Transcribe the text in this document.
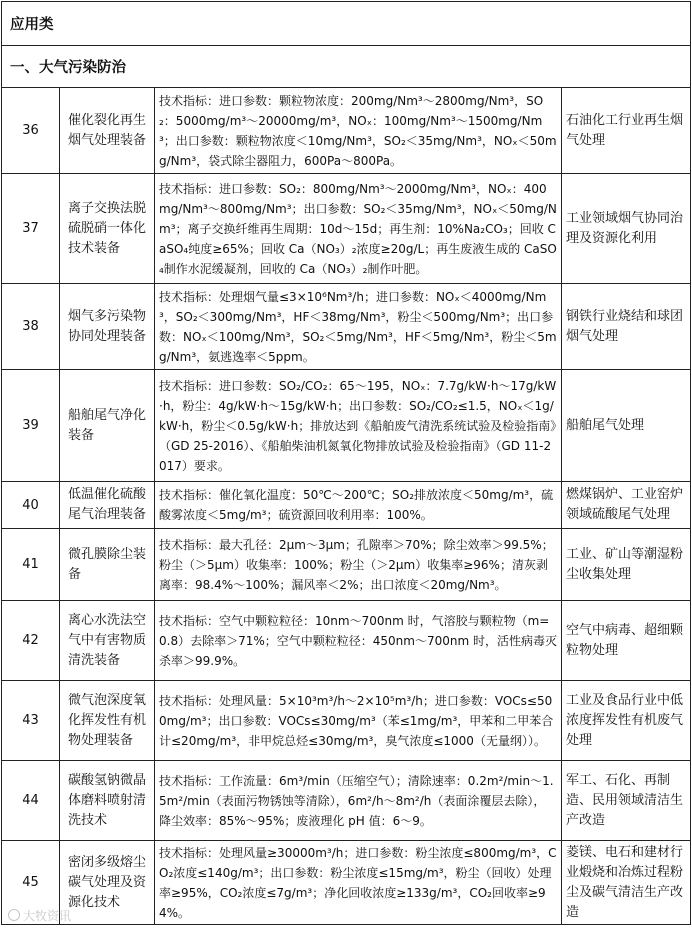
应用类			
一、大气污染防治			
36	催化裂化再生烟气处理装备	技术指标：进口参数：颗粒物浓度：200mg/Nm³～2800mg/Nm³，SO₂：5000mg/m³～20000mg/m³，NOₓ：100mg/Nm³～1500mg/Nm³；出口参数：颗粒物浓度＜10mg/Nm³，SO₂＜35mg/Nm³，NOₓ＜50mg/Nm³，袋式除尘器阻力，600Pa～800Pa。	石油化工行业再生烟气处理
37	离子交换法脱硫脱硝一体化技术装备	技术指标：进口参数：SO₂：800mg/Nm³～2000mg/Nm³，NOₓ：400mg/Nm³～800mg/Nm³；出口参数：SO₂＜35mg/Nm³，NOₓ＜50mg/Nm³；离子交换纤维再生周期：10d～15d；再生剂：10%Na₂CO₃；回收 CaSO₄纯度≥65%；回收 Ca（NO₃）₂浓度≥20g/L；再生废液生成的 CaSO₄制作水泥缓凝剂，回收的 Ca（NO₃）₂制作叶肥。	工业领域烟气协同治理及资源化利用
38	烟气多污染物协同处理装备	技术指标：处理烟气量≤3×10⁶Nm³/h；进口参数：NOₓ＜4000mg/Nm³，SO₂＜300mg/Nm³，HF＜38mg/Nm³，粉尘＜500mg/Nm³；出口参数：NOₓ＜100mg/Nm³，SO₂＜5mg/Nm³，HF＜5mg/Nm³，粉尘＜5mg/Nm³，氨逃逸率＜5ppm。	钢铁行业烧结和球团烟气处理
39	船舶尾气净化装备	技术指标：进口参数：SO₂/CO₂：65～195，NOₓ：7.7g/kW·h～17g/kW·h，粉尘：4g/kW·h～15g/kW·h；出口参数：SO₂/CO₂≤1.5，NOₓ＜1g/kW·h，粉尘＜0.5g/kW·h；排放达到《船舶废气清洗系统试验及检验指南》（GD 25-2016）、《船舶柴油机氮氧化物排放试验及检验指南》（GD 11-2017）要求。	船舶尾气处理
40	低温催化硫酸尾气治理装备	技术指标：催化氧化温度：50℃～200℃；SO₂排放浓度＜50mg/m³，硫酸雾浓度＜5mg/m³；硫资源回收利用率：100%。	燃煤锅炉、工业窑炉领域硫酸尾气处理
41	微孔膜除尘装备	技术指标：最大孔径：2μm～3μm；孔隙率＞70%；除尘效率＞99.5%；粉尘（＞5μm）收集率：100%；粉尘（＞2μm）收集率≥96%；清灰剥离率：98.4%～100%；漏风率＜2%；出口浓度＜20mg/Nm³。	工业、矿山等潮湿粉尘收集处理
42	离心水洗法空气中有害物质清洗装备	技术指标：空气中颗粒粒径：10nm～700nm 时，气溶胶与颗粒物（m=0.8）去除率＞71%；空气中颗粒粒径：450nm～700nm 时，活性病毒灭杀率＞99.9%。	空气中病毒、超细颗粒物处理
43	微气泡深度氧化挥发性有机物处理装备	技术指标：处理风量：5×10³m³/h～2×10⁵m³/h；进口参数：VOCs≤500mg/m³；出口参数：VOCs≤30mg/m³（苯≤1mg/m³，甲苯和二甲苯合计≤20mg/m³，非甲烷总烃≤30mg/m³，臭气浓度≤1000（无量纲））。	工业及食品行业中低浓度挥发性有机废气处理
44	碳酸氢钠微晶体磨料喷射清洗技术	技术指标：工作流量：6m³/min（压缩空气）；清除速率：0.2m²/min～1.5m²/min（表面污物锈蚀等清除），6m²/h～8m²/h（表面涂覆层去除），降尘效率：85%～95%；废液理化 pH 值：6～9。	军工、石化、再制造、民用领域清洁生产改造
45	密闭多级熔尘碳气处理及资源化技术	技术指标：处理风量≥30000m³/h；进口参数：粉尘浓度≤800mg/m³，CO₂浓度≤140g/m³；出口参数：粉尘浓度≤15mg/m³，粉尘（回收）处理率≥95%，CO₂浓度≤7g/m³；净化回收浓度≥133g/m³，CO₂回收率≥94%。	菱镁、电石和建材行业煅烧和冶炼过程粉尘及碳气清洁生产改造
大牧资讯
